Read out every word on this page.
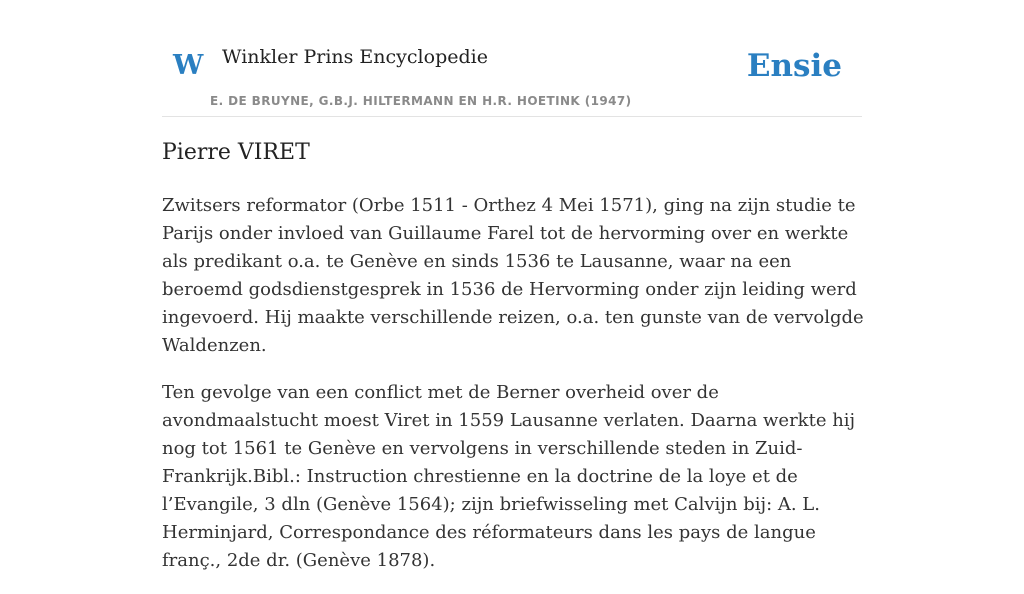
W Winkler Prins Encyclopedie
E. DE BRUYNE, G.B.J. HILTERMANN EN H.R. HOETINK (1947)
Ensie
Pierre VIRET

Zwitsers reformator (Orbe 1511 - Orthez 4 Mei 1571), ging na zijn studie te Parijs onder invloed van Guillaume Farel tot de hervorming over en werkte als predikant o.a. te Genève en sinds 1536 te Lausanne, waar na een beroemd godsdienstgesprek in 1536 de Hervorming onder zijn leiding werd ingevoerd. Hij maakte verschillende reizen, o.a. ten gunste van de vervolgde Waldenzen.

Ten gevolge van een conflict met de Berner overheid over de avondmaalstucht moest Viret in 1559 Lausanne verlaten. Daarna werkte hij nog tot 1561 te Genève en vervolgens in verschillende steden in Zuid-Frankrijk.Bibl.: Instruction chrestienne en la doctrine de la loye et de l’Evangile, 3 dln (Genève 1564); zijn briefwisseling met Calvijn bij: A. L. Herminjard, Correspondance des réformateurs dans les pays de langue franç., 2de dr. (Genève 1878).
